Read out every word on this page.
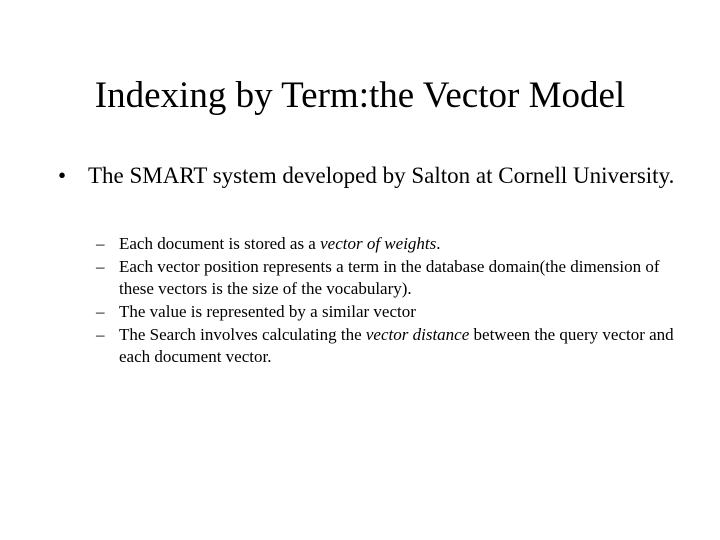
Indexing by Term:the Vector Model
• The SMART system developed by Salton at Cornell University.
– Each document is stored as a vector of weights.
– Each vector position represents a term in the database domain(the dimension of these vectors is the size of the vocabulary).
– The value is represented by a similar vector
– The Search involves calculating the vector distance between the query vector and each document vector.
